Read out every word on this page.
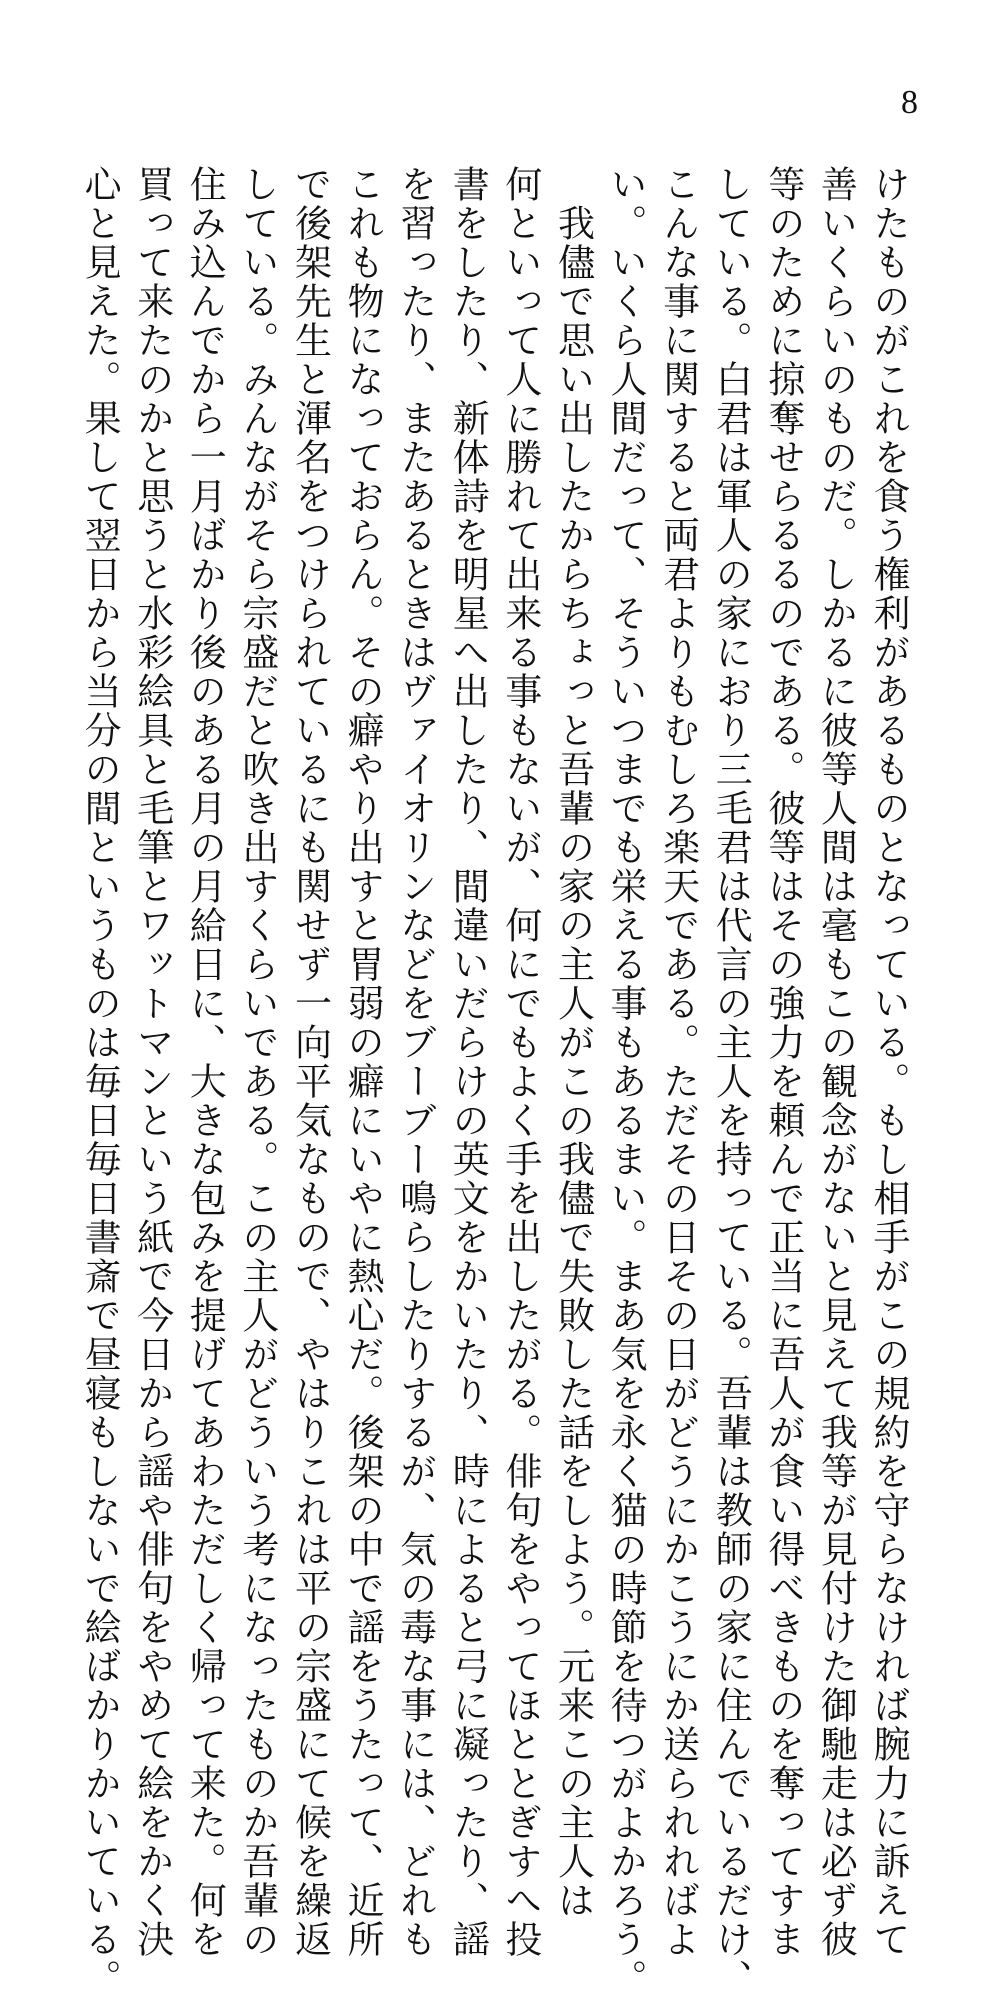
8
けたものがこれを食う権利があるものとなっている。もし相手がこの規約を守らなければ腕力に訴えて
善いくらいのものだ。しかるに彼等人間は毫もこの観念がないと見えて我等が見付けた御馳走は必ず彼
等のために掠奪せらるるのである。彼等はその強力を頼んで正当に吾人が食い得べきものを奪ってすま
している。白君は軍人の家におり三毛君は代言の主人を持っている。吾輩は教師の家に住んでいるだけ、
こんな事に関すると両君よりもむしろ楽天である。ただその日その日がどうにかこうにか送られればよ
い。いくら人間だって、そういつまでも栄える事もあるまい。まあ気を永く猫の時節を待つがよかろう。
　我儘で思い出したからちょっと吾輩の家の主人がこの我儘で失敗した話をしよう。元来この主人は
何といって人に勝れて出来る事もないが、何にでもよく手を出したがる。俳句をやってほととぎすへ投
書をしたり、新体詩を明星へ出したり、間違いだらけの英文をかいたり、時によると弓に凝ったり、謡
を習ったり、またあるときはヴァイオリンなどをブーブー鳴らしたりするが、気の毒な事には、どれも
これも物になっておらん。その癖やり出すと胃弱の癖にいやに熱心だ。後架の中で謡をうたって、近所
で後架先生と渾名をつけられているにも関せず一向平気なもので、やはりこれは平の宗盛にて候を繰返
している。みんながそら宗盛だと吹き出すくらいである。この主人がどういう考になったものか吾輩の
住み込んでから一月ばかり後のある月の月給日に、大きな包みを提げてあわただしく帰って来た。何を
買って来たのかと思うと水彩絵具と毛筆とワットマンという紙で今日から謡や俳句をやめて絵をかく決
心と見えた。果して翌日から当分の間というものは毎日毎日書斎で昼寝もしないで絵ばかりかいている。
